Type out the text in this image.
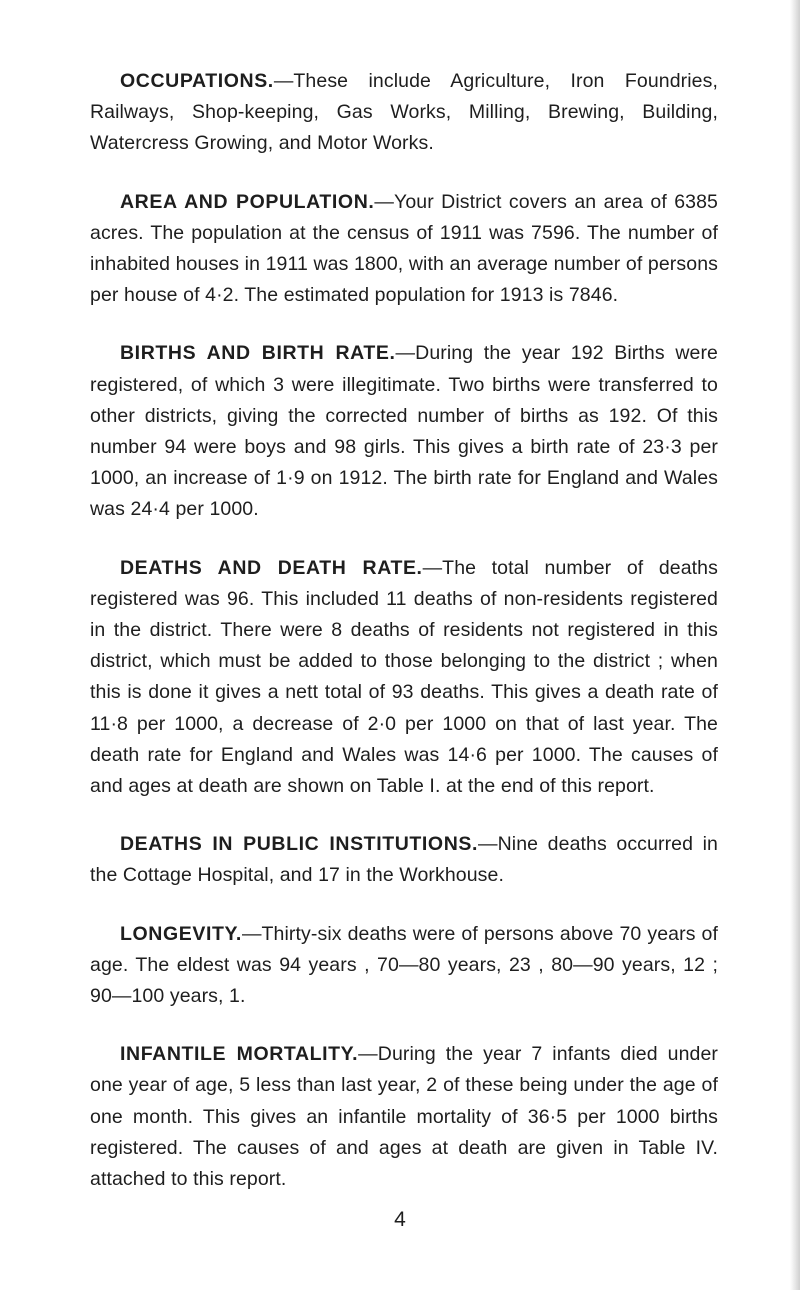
OCCUPATIONS.—These include Agriculture, Iron Foundries, Railways, Shop-keeping, Gas Works, Milling, Brewing, Building, Watercress Growing, and Motor Works.

AREA AND POPULATION.—Your District covers an area of 6385 acres. The population at the census of 1911 was 7596. The number of inhabited houses in 1911 was 1800, with an average number of persons per house of 4·2. The estimated population for 1913 is 7846.

BIRTHS AND BIRTH RATE.—During the year 192 Births were registered, of which 3 were illegitimate. Two births were transferred to other districts, giving the corrected number of births as 192. Of this number 94 were boys and 98 girls. This gives a birth rate of 23·3 per 1000, an increase of 1·9 on 1912. The birth rate for England and Wales was 24·4 per 1000.

DEATHS AND DEATH RATE.—The total number of deaths registered was 96. This included 11 deaths of non-residents registered in the district. There were 8 deaths of residents not registered in this district, which must be added to those belonging to the district ; when this is done it gives a nett total of 93 deaths. This gives a death rate of 11·8 per 1000, a decrease of 2·0 per 1000 on that of last year. The death rate for England and Wales was 14·6 per 1000. The causes of and ages at death are shown on Table I. at the end of this report.

DEATHS IN PUBLIC INSTITUTIONS.—Nine deaths occurred in the Cottage Hospital, and 17 in the Workhouse.

LONGEVITY.—Thirty-six deaths were of persons above 70 years of age. The eldest was 94 years , 70—80 years, 23 , 80—90 years, 12 ; 90—100 years, 1.

INFANTILE MORTALITY.—During the year 7 infants died under one year of age, 5 less than last year, 2 of these being under the age of one month. This gives an infantile mortality of 36·5 per 1000 births registered. The causes of and ages at death are given in Table IV. attached to this report.

4
